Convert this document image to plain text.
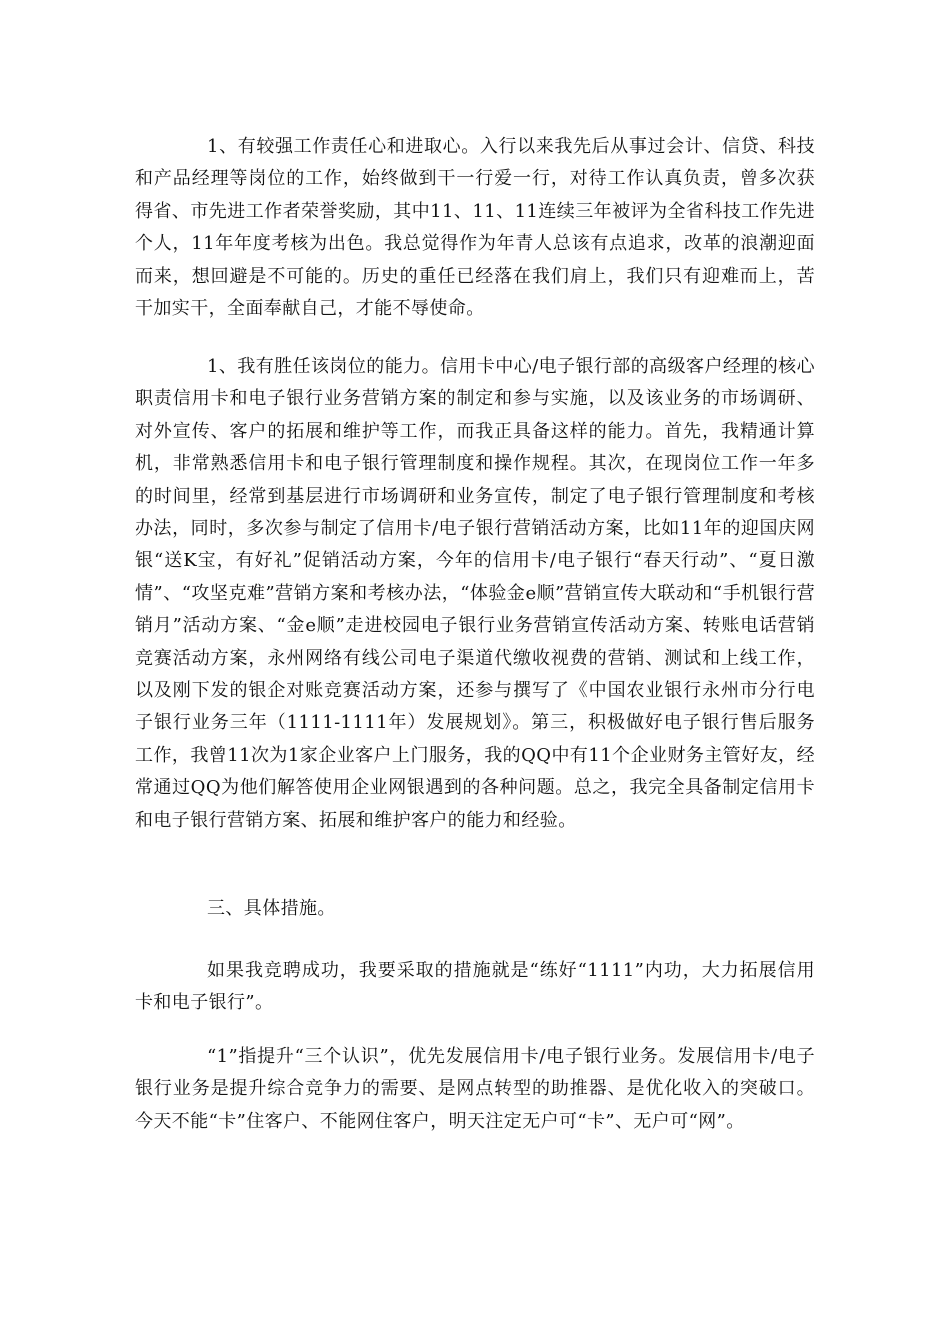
1、有较强工作责任心和进取心。入行以来我先后从事过会计、信贷、科技和产品经理等岗位的工作，始终做到干一行爱一行，对待工作认真负责，曾多次获得省、市先进工作者荣誉奖励，其中11、11、11连续三年被评为全省科技工作先进个人，11年年度考核为出色。我总觉得作为年青人总该有点追求，改革的浪潮迎面而来，想回避是不可能的。历史的重任已经落在我们肩上，我们只有迎难而上，苦干加实干，全面奉献自己，才能不辱使命。

1、我有胜任该岗位的能力。信用卡中心/电子银行部的高级客户经理的核心职责信用卡和电子银行业务营销方案的制定和参与实施，以及该业务的市场调研、对外宣传、客户的拓展和维护等工作，而我正具备这样的能力。首先，我精通计算机，非常熟悉信用卡和电子银行管理制度和操作规程。其次，在现岗位工作一年多的时间里，经常到基层进行市场调研和业务宣传，制定了电子银行管理制度和考核办法，同时，多次参与制定了信用卡/电子银行营销活动方案，比如11年的迎国庆网银“送K宝，有好礼”促销活动方案，今年的信用卡/电子银行“春天行动”、“夏日激情”、“攻坚克难”营销方案和考核办法，“体验金e顺”营销宣传大联动和“手机银行营销月”活动方案、“金e顺”走进校园电子银行业务营销宣传活动方案、转账电话营销竞赛活动方案，永州网络有线公司电子渠道代缴收视费的营销、测试和上线工作，以及刚下发的银企对账竞赛活动方案，还参与撰写了《中国农业银行永州市分行电子银行业务三年（1111-1111年）发展规划》。第三，积极做好电子银行售后服务工作，我曾11次为1家企业客户上门服务，我的QQ中有11个企业财务主管好友，经常通过QQ为他们解答使用企业网银遇到的各种问题。总之，我完全具备制定信用卡和电子银行营销方案、拓展和维护客户的能力和经验。

三、具体措施。

如果我竞聘成功，我要采取的措施就是“练好“1111”内功，大力拓展信用卡和电子银行”。

“1”指提升“三个认识”，优先发展信用卡/电子银行业务。发展信用卡/电子银行业务是提升综合竞争力的需要、是网点转型的助推器、是优化收入的突破口。今天不能“卡”住客户、不能网住客户，明天注定无户可“卡”、无户可“网”。
